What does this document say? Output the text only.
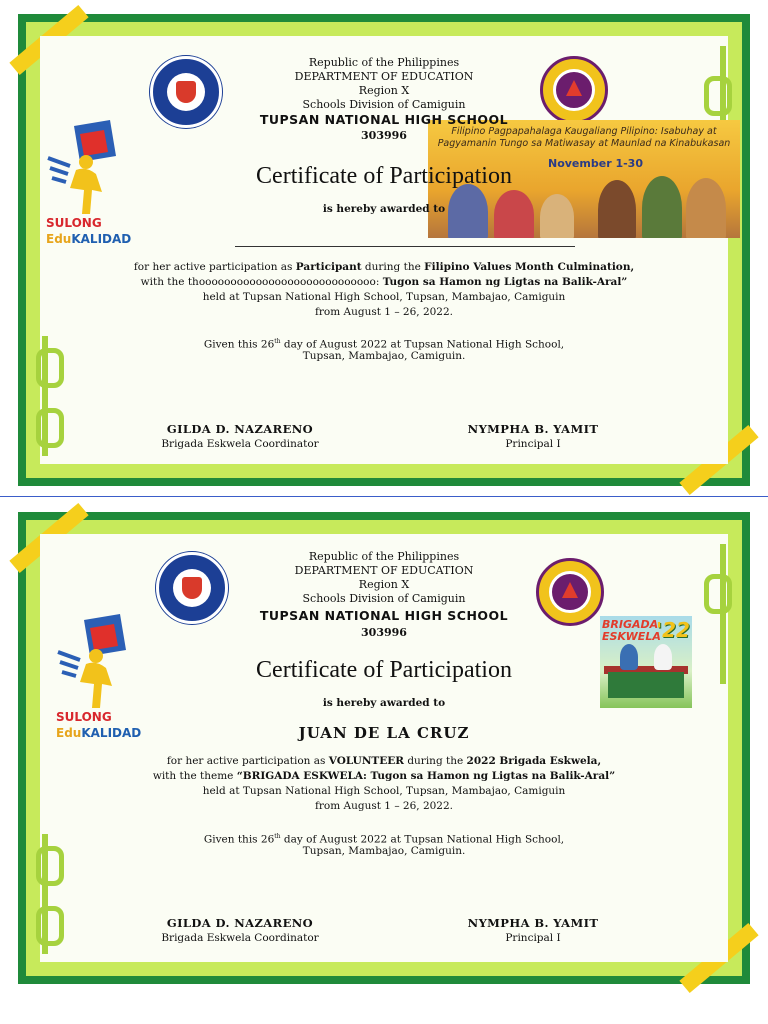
SULONG
EduKALIDAD
Filipino Pagpapahalaga Kaugaliang Pilipino: Isabuhay at Pagyamanin Tungo sa Matiwasay at Maunlad na Kinabukasan
November 1-30
Republic of the Philippines
DEPARTMENT OF EDUCATION
Region X
Schools Division of Camiguin
TUPSAN NATIONAL HIGH SCHOOL
303996
Certificate of Participation
is hereby awarded to
for her active participation as Participant during the Filipino Values Month Culmination,
with the thoooooooooooooooooooooooooooo: Tugon sa Hamon ng Ligtas na Balik-Aral”
held at Tupsan National High School, Tupsan, Mambajao, Camiguin
from August 1 – 26, 2022.
Given this 26th day of August 2022 at Tupsan National High School,
Tupsan, Mambajao, Camiguin.
GILDA D. NAZARENO
Brigada Eskwela Coordinator
NYMPHA B. YAMIT
Principal I
SULONG
EduKALIDAD
BRIGADA
ESKWELA
'22
Republic of the Philippines
DEPARTMENT OF EDUCATION
Region X
Schools Division of Camiguin
TUPSAN NATIONAL HIGH SCHOOL
303996
Certificate of Participation
is hereby awarded to
JUAN DE LA CRUZ
for her active participation as VOLUNTEER during the 2022 Brigada Eskwela,
with the theme “BRIGADA ESKWELA: Tugon sa Hamon ng Ligtas na Balik-Aral”
held at Tupsan National High School, Tupsan, Mambajao, Camiguin
from August 1 – 26, 2022.
Given this 26th day of August 2022 at Tupsan National High School,
Tupsan, Mambajao, Camiguin.
GILDA D. NAZARENO
Brigada Eskwela Coordinator
NYMPHA B. YAMIT
Principal I
